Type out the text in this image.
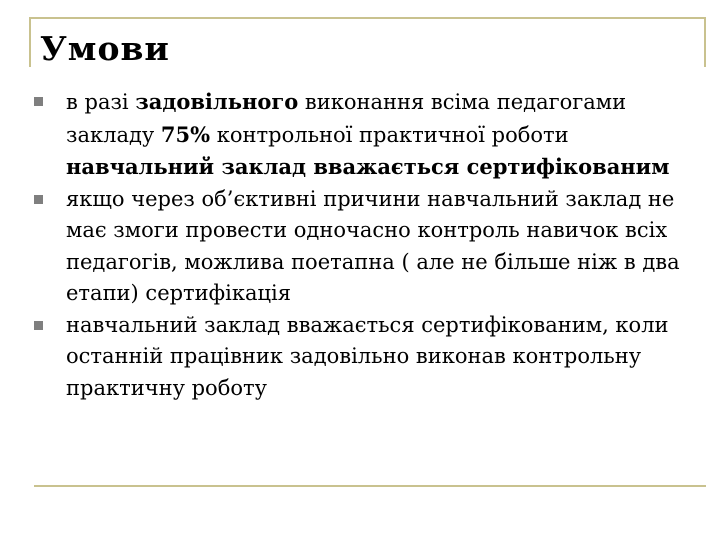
Умови
в разі задовільного виконання всіма педагогами закладу 75% контрольної практичної роботи навчальний заклад вважається сертифікованим
якщо через об’єктивні причини навчальний заклад не має змоги провести одночасно контроль навичок всіх педагогів, можлива поетапна ( але не більше ніж в два етапи) сертифікація
навчальний заклад вважається сертифікованим, коли останній працівник задовільно виконав контрольну практичну роботу
